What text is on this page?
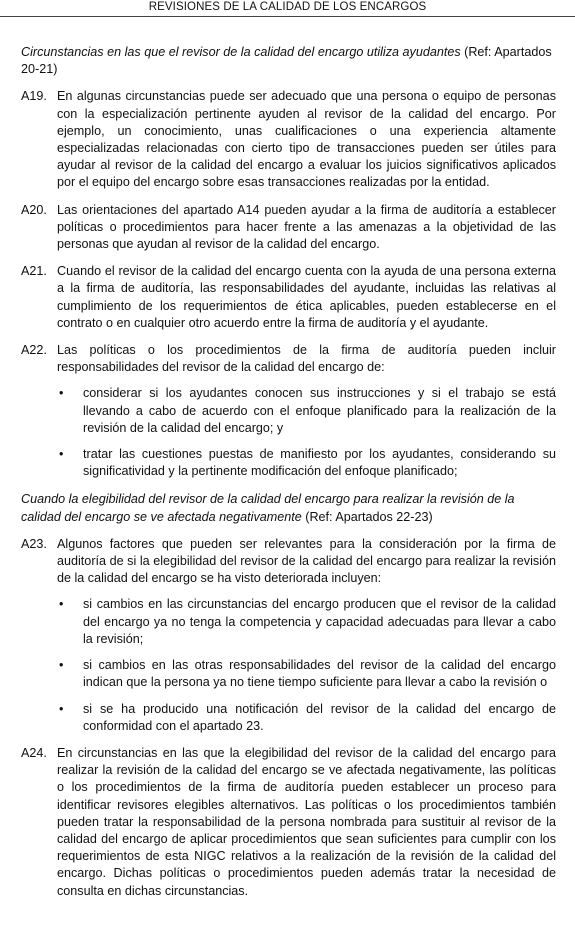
REVISIONES DE LA CALIDAD DE LOS ENCARGOS
Circunstancias en las que el revisor de la calidad del encargo utiliza ayudantes (Ref: Apartados 20-21)
A19. En algunas circunstancias puede ser adecuado que una persona o equipo de personas con la especialización pertinente ayuden al revisor de la calidad del encargo. Por ejemplo, un conocimiento, unas cualificaciones o una experiencia altamente especializadas relacionadas con cierto tipo de transacciones pueden ser útiles para ayudar al revisor de la calidad del encargo a evaluar los juicios significativos aplicados por el equipo del encargo sobre esas transacciones realizadas por la entidad.
A20. Las orientaciones del apartado A14 pueden ayudar a la firma de auditoría a establecer políticas o procedimientos para hacer frente a las amenazas a la objetividad de las personas que ayudan al revisor de la calidad del encargo.
A21. Cuando el revisor de la calidad del encargo cuenta con la ayuda de una persona externa a la firma de auditoría, las responsabilidades del ayudante, incluidas las relativas al cumplimiento de los requerimientos de ética aplicables, pueden establecerse en el contrato o en cualquier otro acuerdo entre la firma de auditoría y el ayudante.
A22. Las políticas o los procedimientos de la firma de auditoría pueden incluir responsabilidades del revisor de la calidad del encargo de:
•	considerar si los ayudantes conocen sus instrucciones y si el trabajo se está llevando a cabo de acuerdo con el enfoque planificado para la realización de la revisión de la calidad del encargo; y
•	tratar las cuestiones puestas de manifiesto por los ayudantes, considerando su significatividad y la pertinente modificación del enfoque planificado;
Cuando la elegibilidad del revisor de la calidad del encargo para realizar la revisión de la calidad del encargo se ve afectada negativamente (Ref: Apartados 22-23)
A23. Algunos factores que pueden ser relevantes para la consideración por la firma de auditoría de si la elegibilidad del revisor de la calidad del encargo para realizar la revisión de la calidad del encargo se ha visto deteriorada incluyen:
•	si cambios en las circunstancias del encargo producen que el revisor de la calidad del encargo ya no tenga la competencia y capacidad adecuadas para llevar a cabo la revisión;
•	si cambios en las otras responsabilidades del revisor de la calidad del encargo indican que la persona ya no tiene tiempo suficiente para llevar a cabo la revisión o
•	si se ha producido una notificación del revisor de la calidad del encargo de conformidad con el apartado 23.
A24. En circunstancias en las que la elegibilidad del revisor de la calidad del encargo para realizar la revisión de la calidad del encargo se ve afectada negativamente, las políticas o los procedimientos de la firma de auditoría pueden establecer un proceso para identificar revisores elegibles alternativos. Las políticas o los procedimientos también pueden tratar la responsabilidad de la persona nombrada para sustituir al revisor de la calidad del encargo de aplicar procedimientos que sean suficientes para cumplir con los requerimientos de esta NIGC relativos a la realización de la revisión de la calidad del encargo. Dichas políticas o procedimientos pueden además tratar la necesidad de consulta en dichas circunstancias.
